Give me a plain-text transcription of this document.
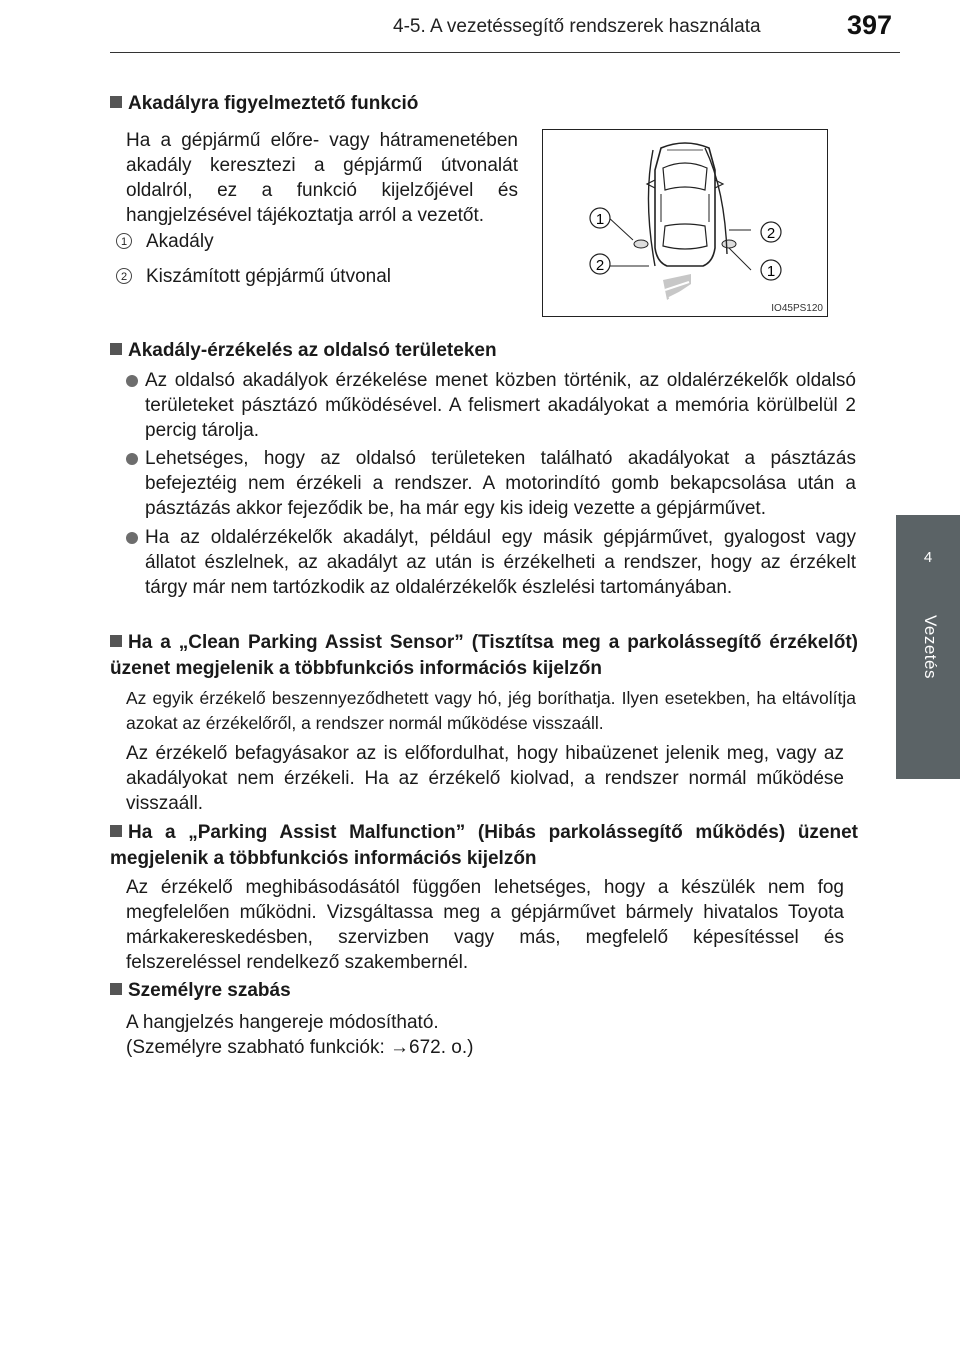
4-5. A vezetéssegítő rendszerek használata	397
4
Vezetés
Akadályra figyelmeztető funkció
Ha a gépjármű előre- vagy hátramenetében akadály keresztezi a gépjármű útvonalát oldalról, ez a funkció kijelzőjével és hangjelzésével tájékoztatja arról a vezetőt.
1 Akadály
2 Kiszámított gépjármű útvonal
1
2
2
1
IO45PS120
Akadály-érzékelés az oldalsó területeken
Az oldalsó akadályok érzékelése menet közben történik, az oldalérzékelők oldalsó területeket pásztázó működésével. A felismert akadályokat a memória körülbelül 2 percig tárolja.
Lehetséges, hogy az oldalsó területeken található akadályokat a pásztázás befejeztéig nem érzékeli a rendszer. A motorindító gomb bekapcsolása után a pásztázás akkor fejeződik be, ha már egy kis ideig vezette a gépjárművet.
Ha az oldalérzékelők akadályt, például egy másik gépjárművet, gyalogost vagy állatot észlelnek, az akadályt az után is érzékelheti a rendszer, hogy az érzékelt tárgy már nem tartózkodik az oldalérzékelők észlelési tartományában.
Ha a „Clean Parking Assist Sensor” (Tisztítsa meg a parkolássegítő érzékelőt) üzenet megjelenik a többfunkciós információs kijelzőn
Az egyik érzékelő beszennyeződhetett vagy hó, jég boríthatja. Ilyen esetekben, ha eltávolítja azokat az érzékelőről, a rendszer normál működése visszaáll.
Az érzékelő befagyásakor az is előfordulhat, hogy hibaüzenet jelenik meg, vagy az akadályokat nem érzékeli. Ha az érzékelő kiolvad, a rendszer normál működése visszaáll.
Ha a „Parking Assist Malfunction” (Hibás parkolássegítő működés) üzenet megjelenik a többfunkciós információs kijelzőn
Az érzékelő meghibásodásától függően lehetséges, hogy a készülék nem fog megfelelően működni. Vizsgáltassa meg a gépjárművet bármely hivatalos Toyota márkakereskedésben, szervizben vagy más, megfelelő képesítéssel és felszereléssel rendelkező szakembernél.
Személyre szabás
A hangjelzés hangereje módosítható.
(Személyre szabható funkciók: →672. o.)
